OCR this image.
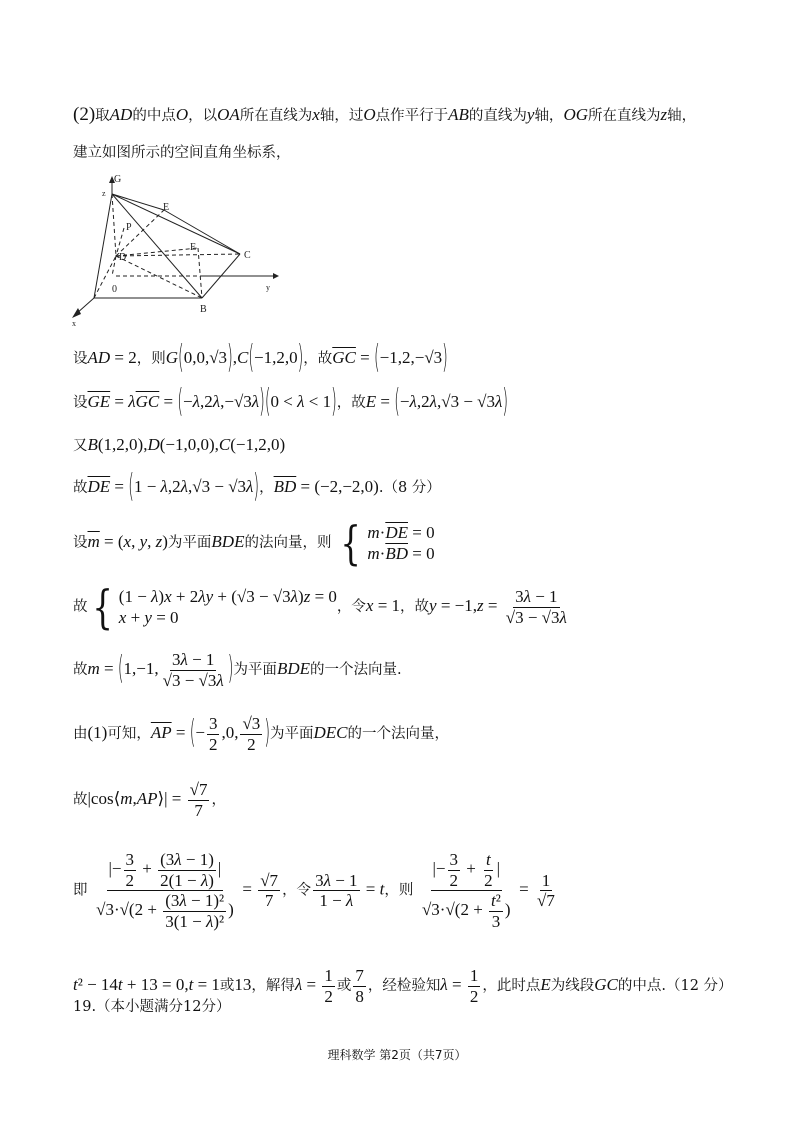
(2)取AD的中点O，以OA所在直线为x轴，过O点作平行于AB的直线为y轴，OG所在直线为z轴，
建立如图所示的空间直角坐标系，
G
z
P
E
E
D	C
0	y
B
x
设AD = 2，则G(0,0,√3),C(−1,2,0)，故$\overline{GC} = (-1,2,-√3)$
设$\overline{GE} = \lambda\overline{GC} = (-\lambda,2\lambda,-√3\lambda)(0 < \lambda < 1)$，故E = (−λ,2λ,√3 − √3λ)
又B(1,2,0),D(−1,0,0),C(−1,2,0)
故$\overline{DE} = (1 - \lambda,2\lambda,√3 - √3\lambda)$，$\overline{BD} = (-2,-2,0).(8$ 分）
设$\overline{m} = (x$, y, z)为平面BDE的法向量，则 { $m\cdot\overline{DE} = 0$
$m\cdot\overline{BD} = 0$
故 { (1 − λ)x + 2λy + (√3 − √3λ)z = 0
x + y = 0
，令x = 1，故$y = -1,z = \frac{3\lambda - 1}{√3 - √3\lambda}$
故m = (1,−1, $\frac{3\lambda - 1}{√3 - √3\lambda}$ )为平面BDE的一个法向量.
由(1)可知，$\overline{AP}$ = (− $\frac{3}{2} ,0$, $\frac{√3}{2}$ )为平面DEC的一个法向量，
故|cos⟨m,AP⟩| = $\frac{√7}{7}$ ，
即 $\frac{|- \frac{3}{2} + \frac{(3\lambda - 1)}{2(1 - \lambda)} |}{√3\cdot√(2 + \frac{\text{(3λ − 1)²}}{\text{3(1 − λ)²}} )} = \frac{√7}{7}$ ，令 $\frac{3\lambda - 1}{1 - \lambda} = t$，则 $\frac{|- \frac{3}{2} + \frac{t}{2} |}{√3\cdot√(2 + \frac{\text{t²}}{3} )} = \frac{1}{√7}$
t² − 14t + 13 = 0,t = 1或13，解得$\lambda = \frac{1}{2}$ 或 $\frac{7}{8}$ ，经检验知$\lambda = \frac{1}{2}$ ，此时点E为线段GC的中点.（12 分）
19.（本小题满分12分）
理科数学 第2页（共7页）
